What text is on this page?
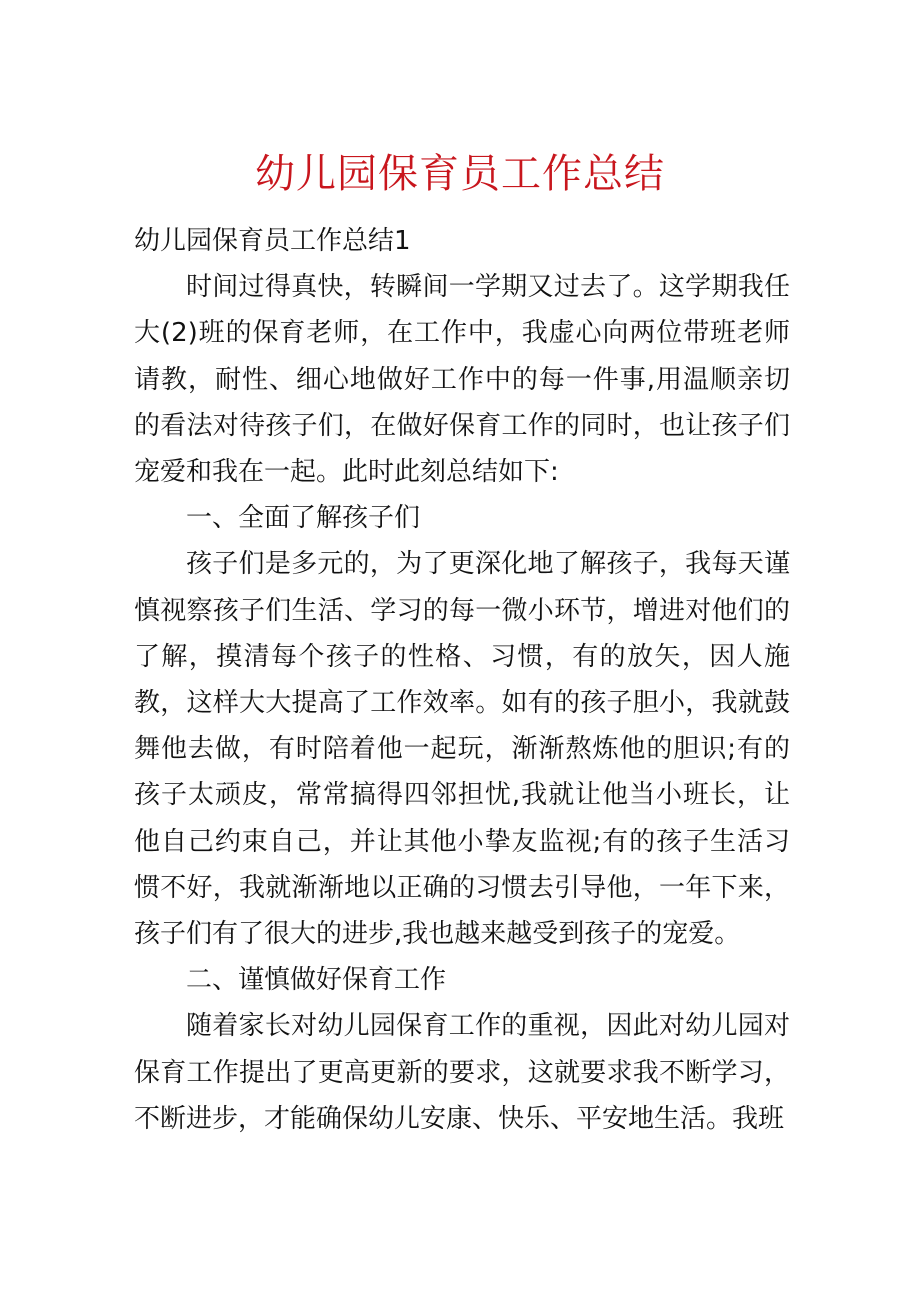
幼儿园保育员工作总结

幼儿园保育员工作总结1

时间过得真快，转瞬间一学期又过去了。这学期我任大(2)班的保育老师，在工作中，我虚心向两位带班老师请教，耐性、细心地做好工作中的每一件事,用温顺亲切的看法对待孩子们，在做好保育工作的同时，也让孩子们宠爱和我在一起。此时此刻总结如下:

一、全面了解孩子们

孩子们是多元的，为了更深化地了解孩子，我每天谨慎视察孩子们生活、学习的每一微小环节，增进对他们的了解，摸清每个孩子的性格、习惯，有的放矢，因人施教，这样大大提高了工作效率。如有的孩子胆小，我就鼓舞他去做，有时陪着他一起玩，渐渐熬炼他的胆识;有的孩子太顽皮，常常搞得四邻担忧,我就让他当小班长，让他自己约束自己，并让其他小挚友监视;有的孩子生活习惯不好，我就渐渐地以正确的习惯去引导他，一年下来，孩子们有了很大的进步,我也越来越受到孩子的宠爱。

二、谨慎做好保育工作

随着家长对幼儿园保育工作的重视，因此对幼儿园对保育工作提出了更高更新的要求，这就要求我不断学习，不断进步，才能确保幼儿安康、快乐、平安地生活。我班
